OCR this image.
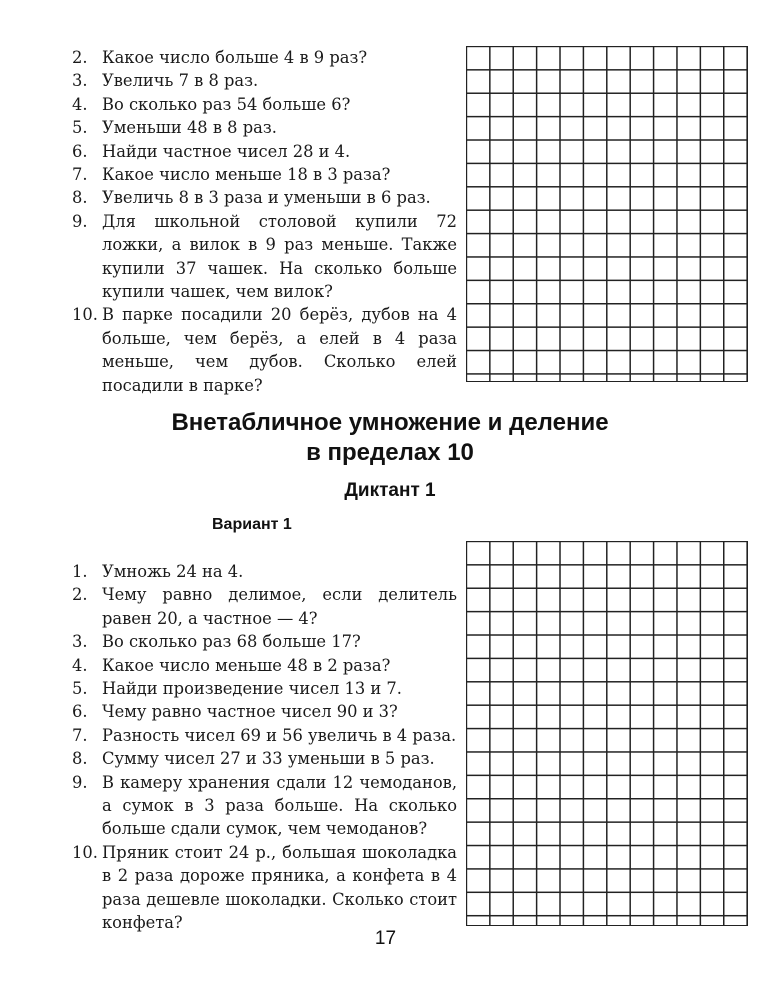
2 .	Какое число больше 4 в 9 раз?
3 .	Увеличь 7 в 8 раз.
4 .	Во сколько раз 54 больше 6?
5 .	Уменьши 48 в 8 раз.
6 .	Найди частное чисел 28 и 4.
7 .	Какое число меньше 18 в 3 раза?
8 .	Увеличь 8 в 3 раза и уменьши в 6 раз.
9 .	Для школьной столовой купили 72 ложки, а вилок в 9 раз меньше. Также купили 37 чашек. На сколько больше купили чашек, чем вилок?
10 . В парке посадили 20 берёз, дубов на 4 больше, чем берёз, а елей в 4 раза меньше, чем дубов. Сколько елей посадили в парке?
Внетабличное умножение и деление
в пределах 10
Диктант 1
Вариант 1
1 .	Умножь 24 на 4.
2 .	Чему равно делимое, если делитель равен 20, а частное — 4?
3 .	Во сколько раз 68 больше 17?
4 .	Какое число меньше 48 в 2 раза?
5 .	Найди произведение чисел 13 и 7.
6 .	Чему равно частное чисел 90 и 3?
7 .	Разность чисел 69 и 56 увеличь в 4 раза.
8 .	Сумму чисел 27 и 33 уменьши в 5 раз.
9 .	В камеру хранения сдали 12 чемоданов, а сумок в 3 раза больше. На сколько больше сдали сумок, чем чемоданов?
10 . Пряник стоит 24 р., большая шоколадка в 2 раза дороже пряника, а конфета в 4 раза дешевле шоколадки. Сколько стоит конфета?
17
